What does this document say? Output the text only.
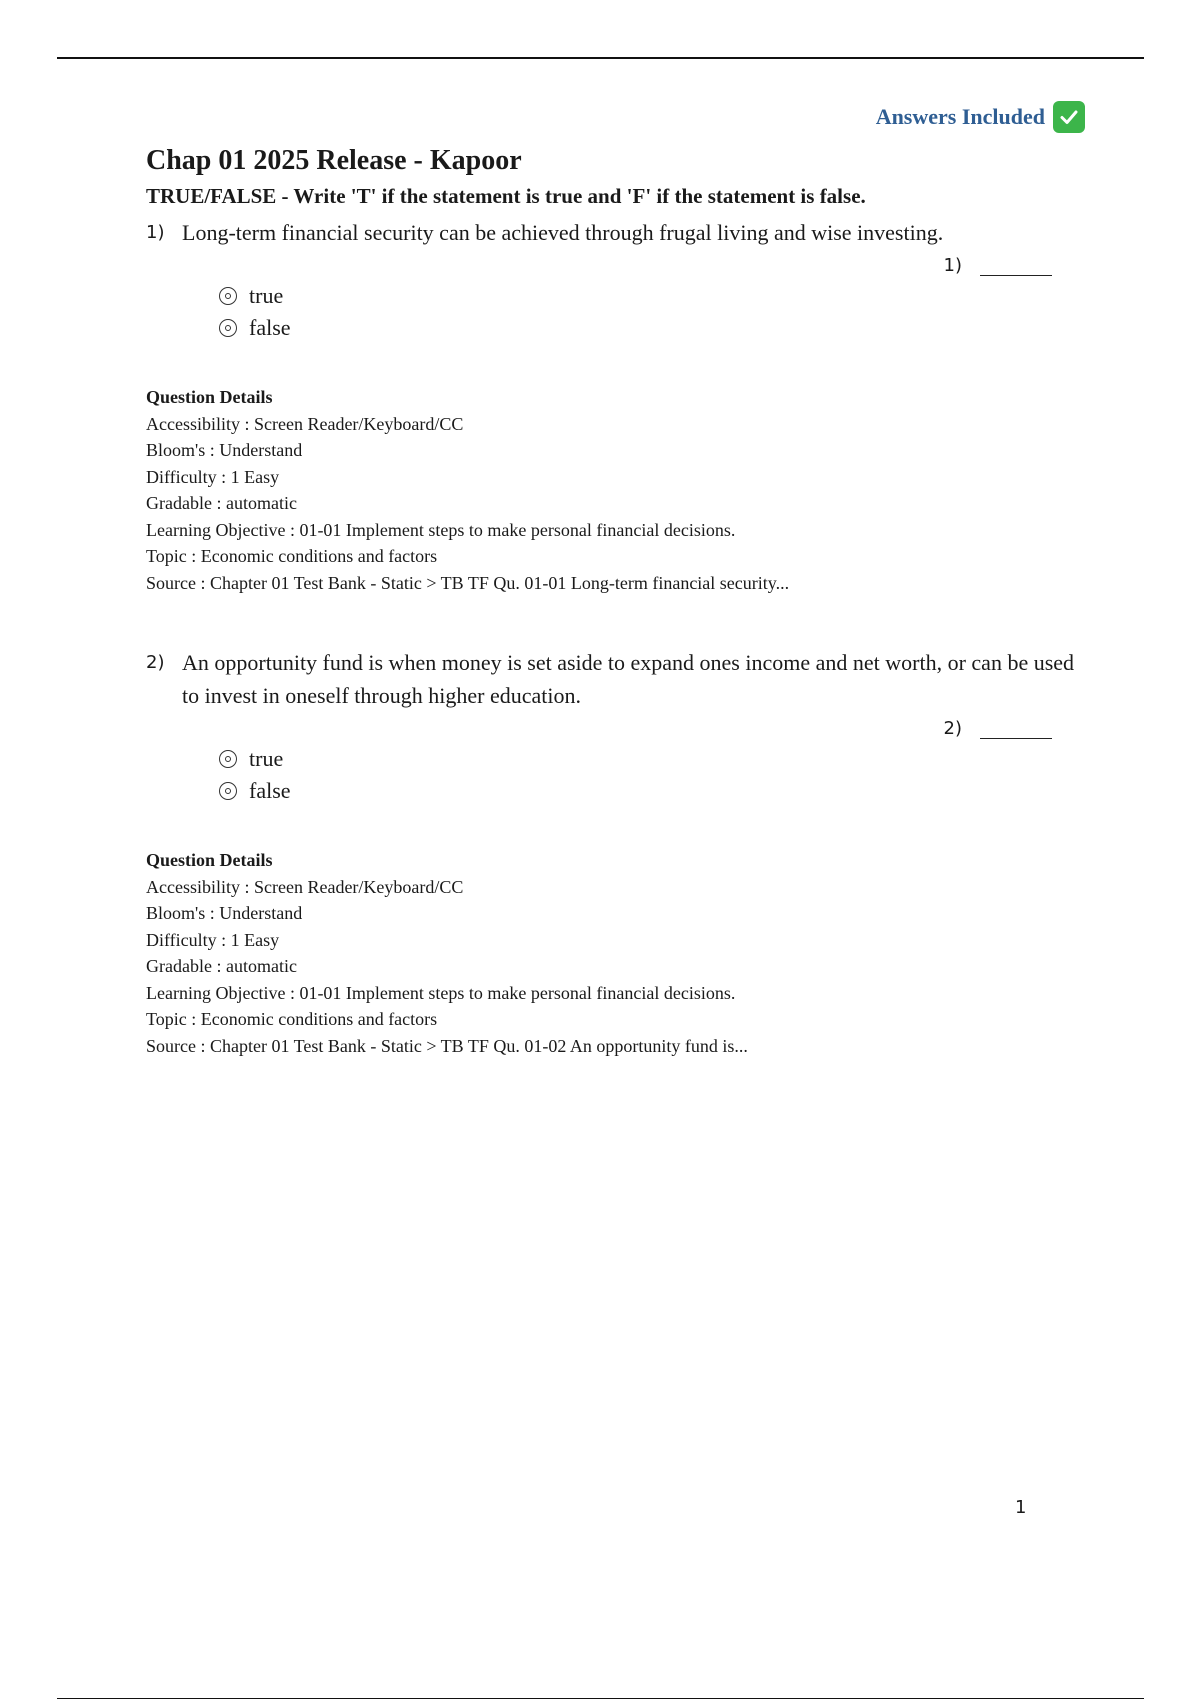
Answers Included
Chap 01 2025 Release - Kapoor

TRUE/FALSE - Write 'T' if the statement is true and 'F' if the statement is false.

1) Long-term financial security can be achieved through frugal living and wise investing.
1)
true
false
Question Details
Accessibility : Screen Reader/Keyboard/CC
Bloom's : Understand
Difficulty : 1 Easy
Gradable : automatic
Learning Objective : 01-01 Implement steps to make personal financial decisions.
Topic : Economic conditions and factors
Source : Chapter 01 Test Bank - Static > TB TF Qu. 01-01 Long-term financial security...
2) An opportunity fund is when money is set aside to expand ones income and net worth, or can be used to invest in oneself through higher education.
2)
true
false
Question Details
Accessibility : Screen Reader/Keyboard/CC
Bloom's : Understand
Difficulty : 1 Easy
Gradable : automatic
Learning Objective : 01-01 Implement steps to make personal financial decisions.
Topic : Economic conditions and factors
Source : Chapter 01 Test Bank - Static > TB TF Qu. 01-02 An opportunity fund is...
1
